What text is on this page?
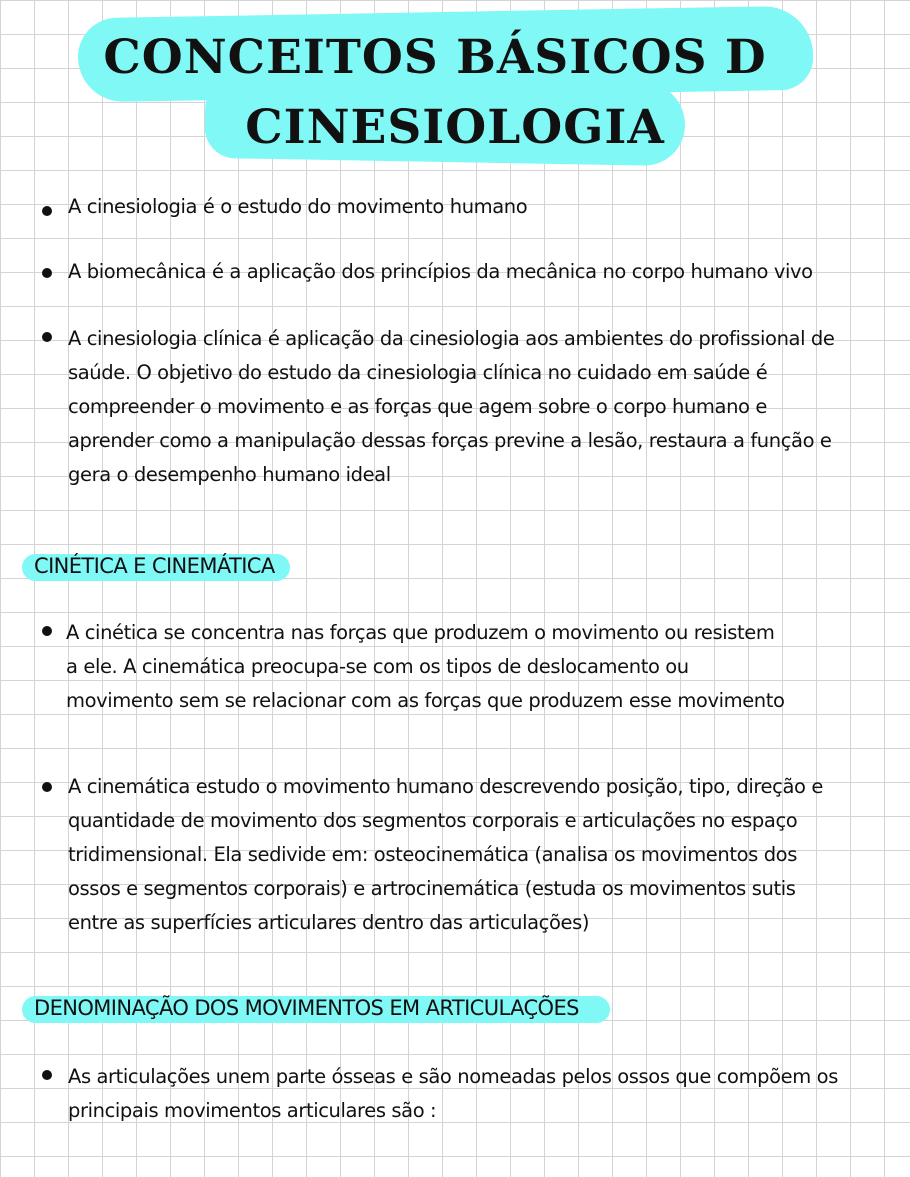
CONCEITOS BÁSICOS D
CINESIOLOGIA
A cinesiologia é o estudo do movimento humano
A biomecânica é a aplicação dos princípios da mecânica no corpo humano vivo
A cinesiologia clínica é aplicação da cinesiologia aos ambientes do profissional de
saúde. O objetivo do estudo da cinesiologia clínica no cuidado em saúde é
compreender o movimento e as forças que agem sobre o corpo humano e
aprender como a manipulação dessas forças previne a lesão, restaura a função e
gera o desempenho humano ideal
CINÉTICA E CINEMÁTICA
A cinética se concentra nas forças que produzem o movimento ou resistem
a ele. A cinemática preocupa-se com os tipos de deslocamento ou
movimento sem se relacionar com as forças que produzem esse movimento
A cinemática estudo o movimento humano descrevendo posição, tipo, direção e
quantidade de movimento dos segmentos corporais e articulações no espaço
tridimensional. Ela sedivide em: osteocinemática (analisa os movimentos dos
ossos e segmentos corporais) e artrocinemática (estuda os movimentos sutis
entre as superfícies articulares dentro das articulações)
DENOMINAÇÃO DOS MOVIMENTOS EM ARTICULAÇÕES
As articulações unem parte ósseas e são nomeadas pelos ossos que compõem os
principais movimentos articulares são :
